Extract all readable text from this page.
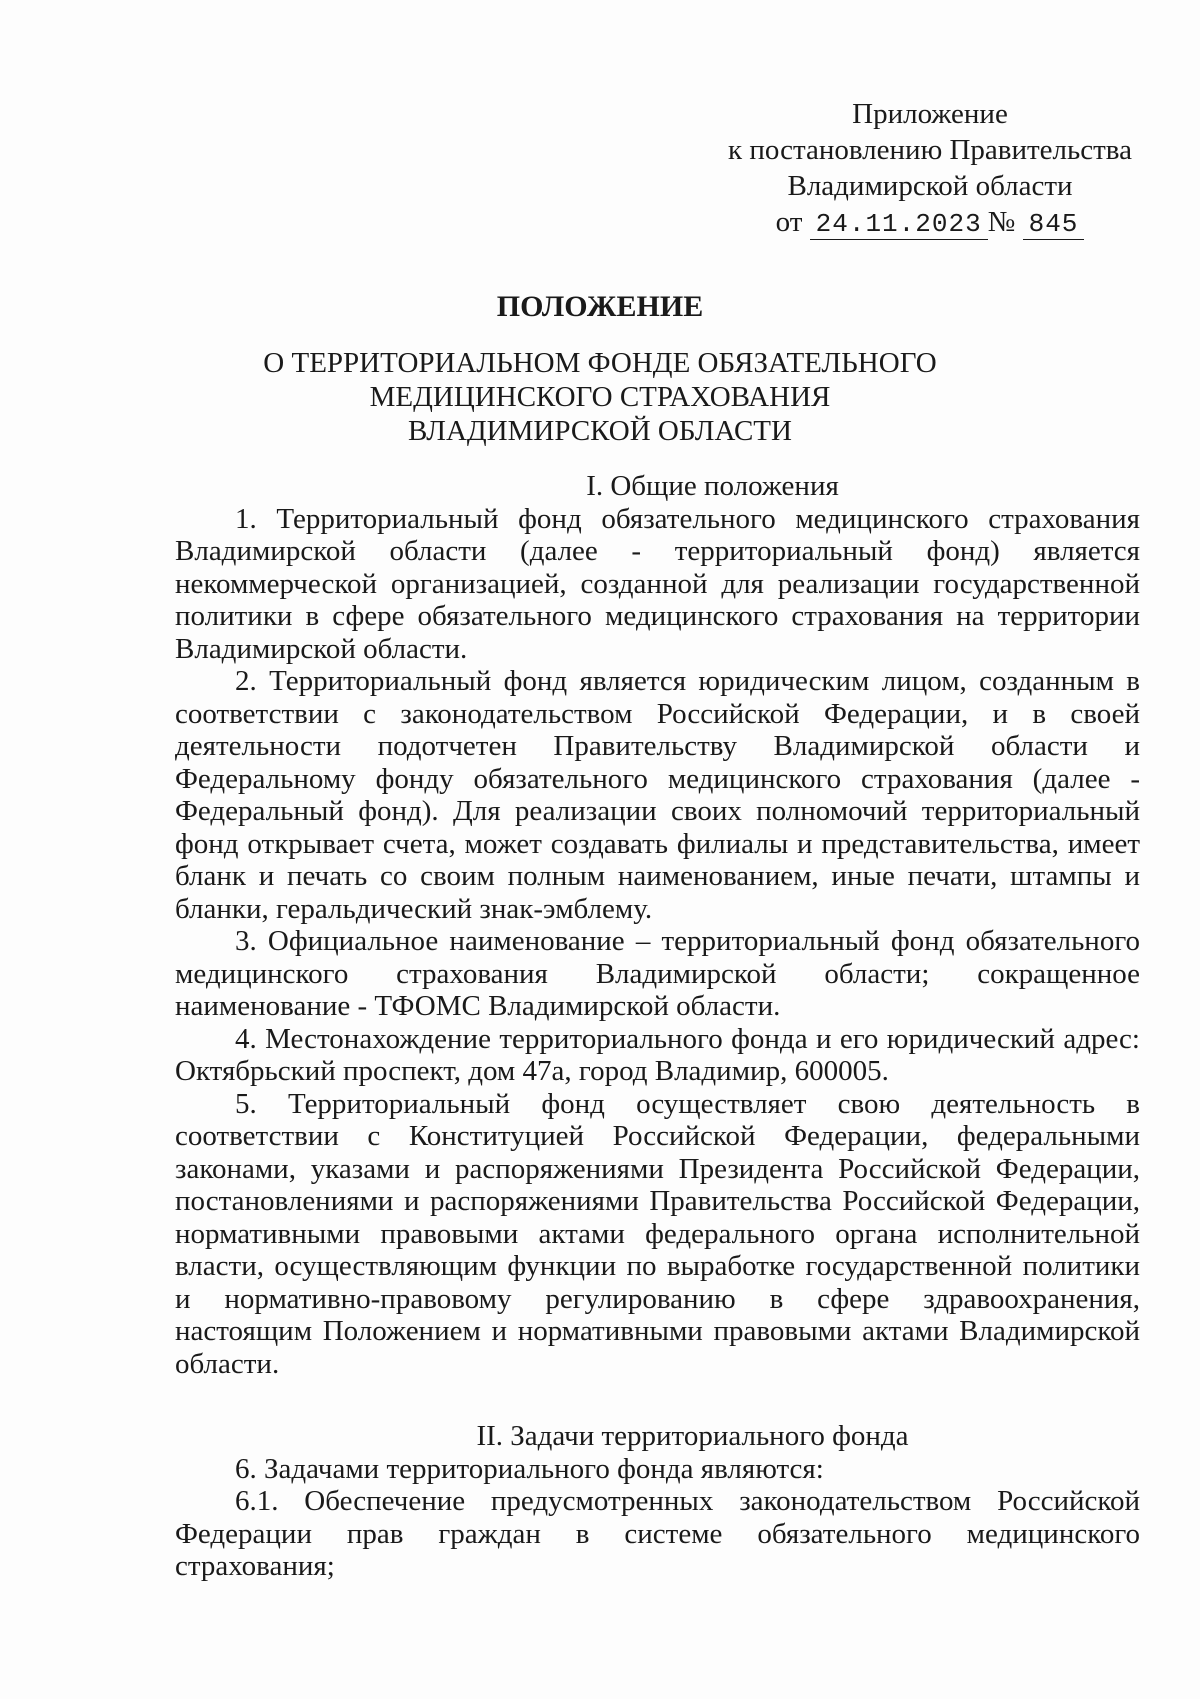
Приложение
к постановлению Правительства
Владимирской области
от 24.11.2023 № 845
ПОЛОЖЕНИЕ
О ТЕРРИТОРИАЛЬНОМ ФОНДЕ ОБЯЗАТЕЛЬНОГО
МЕДИЦИНСКОГО СТРАХОВАНИЯ
ВЛАДИМИРСКОЙ ОБЛАСТИ
I. Общие положения

1. Территориальный фонд обязательного медицинского страхования Владимирской области (далее - территориальный фонд) является некоммерческой организацией, созданной для реализации государственной политики в сфере обязательного медицинского страхования на территории Владимирской области.

2. Территориальный фонд является юридическим лицом, созданным в соответствии с законодательством Российской Федерации, и в своей деятельности подотчетен Правительству Владимирской области и Федеральному фонду обязательного медицинского страхования (далее - Федеральный фонд). Для реализации своих полномочий территориальный фонд открывает счета, может создавать филиалы и представительства, имеет бланк и печать со своим полным наименованием, иные печати, штампы и бланки, геральдический знак-эмблему.

3. Официальное наименование – территориальный фонд обязательного медицинского страхования Владимирской области; сокращенное наименование - ТФОМС Владимирской области.

4. Местонахождение территориального фонда и его юридический адрес: Октябрьский проспект, дом 47а, город Владимир, 600005.

5. Территориальный фонд осуществляет свою деятельность в соответствии с Конституцией Российской Федерации, федеральными законами, указами и распоряжениями Президента Российской Федерации, постановлениями и распоряжениями Правительства Российской Федерации, нормативными правовыми актами федерального органа исполнительной власти, осуществляющим функции по выработке государственной политики и нормативно-правовому регулированию в сфере здравоохранения, настоящим Положением и нормативными правовыми актами Владимирской области.

II. Задачи территориального фонда

6. Задачами территориального фонда являются:

6.1. Обеспечение предусмотренных законодательством Российской Федерации прав граждан в системе обязательного медицинского страхования;
